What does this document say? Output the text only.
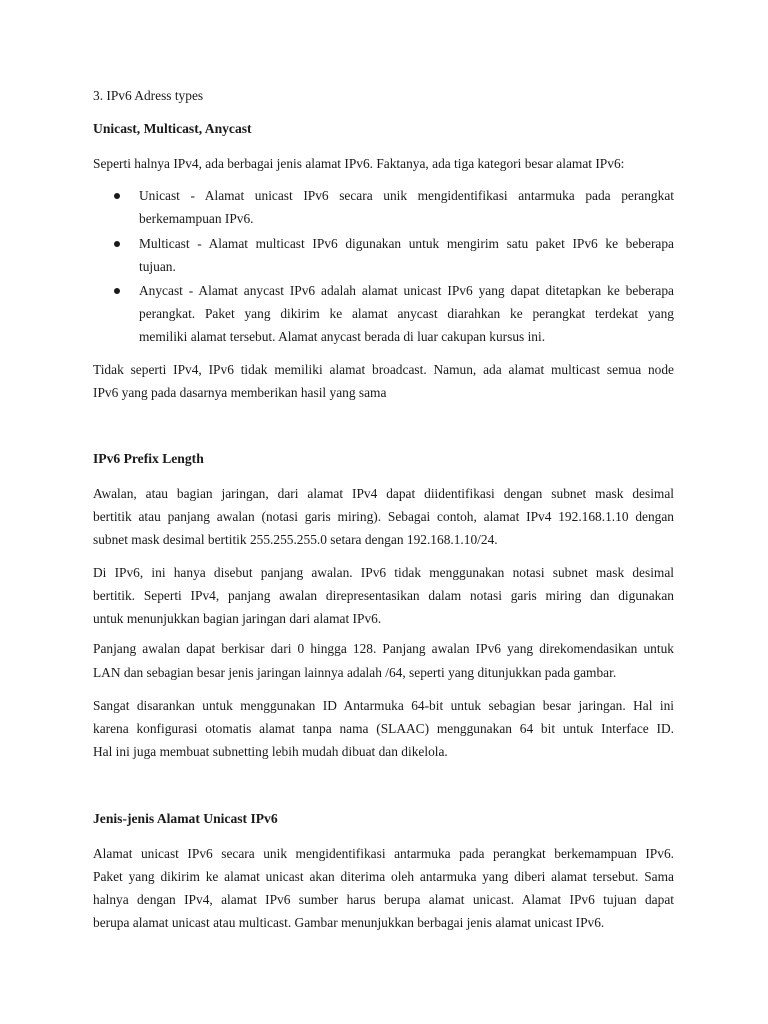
3. IPv6 Adress types
Unicast, Multicast, Anycast
Seperti halnya IPv4, ada berbagai jenis alamat IPv6. Faktanya, ada tiga kategori besar alamat IPv6:
Unicast - Alamat unicast IPv6 secara unik mengidentifikasi antarmuka pada perangkat
berkemampuan IPv6.
Multicast - Alamat multicast IPv6 digunakan untuk mengirim satu paket IPv6 ke beberapa
tujuan.
Anycast - Alamat anycast IPv6 adalah alamat unicast IPv6 yang dapat ditetapkan ke beberapa
perangkat. Paket yang dikirim ke alamat anycast diarahkan ke perangkat terdekat yang
memiliki alamat tersebut. Alamat anycast berada di luar cakupan kursus ini.
Tidak seperti IPv4, IPv6 tidak memiliki alamat broadcast. Namun, ada alamat multicast semua node
IPv6 yang pada dasarnya memberikan hasil yang sama
IPv6 Prefix Length
Awalan, atau bagian jaringan, dari alamat IPv4 dapat diidentifikasi dengan subnet mask desimal
bertitik atau panjang awalan (notasi garis miring). Sebagai contoh, alamat IPv4 192.168.1.10 dengan
subnet mask desimal bertitik 255.255.255.0 setara dengan 192.168.1.10/24.
Di IPv6, ini hanya disebut panjang awalan. IPv6 tidak menggunakan notasi subnet mask desimal
bertitik. Seperti IPv4, panjang awalan direpresentasikan dalam notasi garis miring dan digunakan
untuk menunjukkan bagian jaringan dari alamat IPv6.
Panjang awalan dapat berkisar dari 0 hingga 128. Panjang awalan IPv6 yang direkomendasikan untuk
LAN dan sebagian besar jenis jaringan lainnya adalah /64, seperti yang ditunjukkan pada gambar.
Sangat disarankan untuk menggunakan ID Antarmuka 64-bit untuk sebagian besar jaringan. Hal ini
karena konfigurasi otomatis alamat tanpa nama (SLAAC) menggunakan 64 bit untuk Interface ID.
Hal ini juga membuat subnetting lebih mudah dibuat dan dikelola.
Jenis-jenis Alamat Unicast IPv6
Alamat unicast IPv6 secara unik mengidentifikasi antarmuka pada perangkat berkemampuan IPv6.
Paket yang dikirim ke alamat unicast akan diterima oleh antarmuka yang diberi alamat tersebut. Sama
halnya dengan IPv4, alamat IPv6 sumber harus berupa alamat unicast. Alamat IPv6 tujuan dapat
berupa alamat unicast atau multicast. Gambar menunjukkan berbagai jenis alamat unicast IPv6.
